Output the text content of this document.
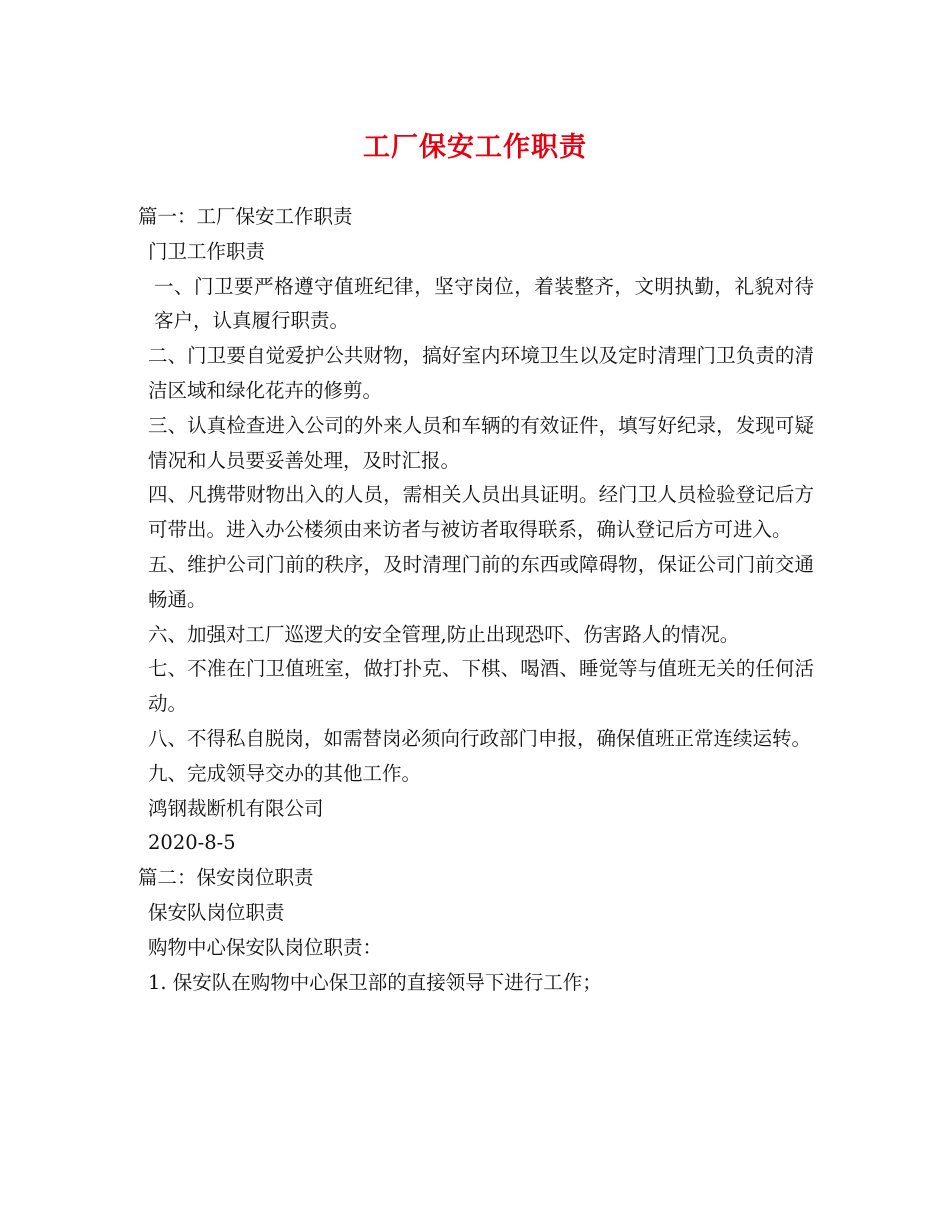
工厂保安工作职责
篇一：工厂保安工作职责
门卫工作职责
一、门卫要严格遵守值班纪律，坚守岗位，着装整齐，文明执勤，礼貌对待客户，认真履行职责。
二、门卫要自觉爱护公共财物，搞好室内环境卫生以及定时清理门卫负责的清洁区域和绿化花卉的修剪。
三、认真检查进入公司的外来人员和车辆的有效证件，填写好纪录，发现可疑情况和人员要妥善处理，及时汇报。
四、凡携带财物出入的人员，需相关人员出具证明。经门卫人员检验登记后方可带出。进入办公楼须由来访者与被访者取得联系，确认登记后方可进入。
五、维护公司门前的秩序，及时清理门前的东西或障碍物，保证公司门前交通畅通。
六、加强对工厂巡逻犬的安全管理,防止出现恐吓、伤害路人的情况。
七、不准在门卫值班室，做打扑克、下棋、喝酒、睡觉等与值班无关的任何活动。
八、不得私自脱岗，如需替岗必须向行政部门申报，确保值班正常连续运转。
九、完成领导交办的其他工作。
鸿钢裁断机有限公司
2020-8-5
篇二：保安岗位职责
保安队岗位职责
购物中心保安队岗位职责：
1. 保安队在购物中心保卫部的直接领导下进行工作；
